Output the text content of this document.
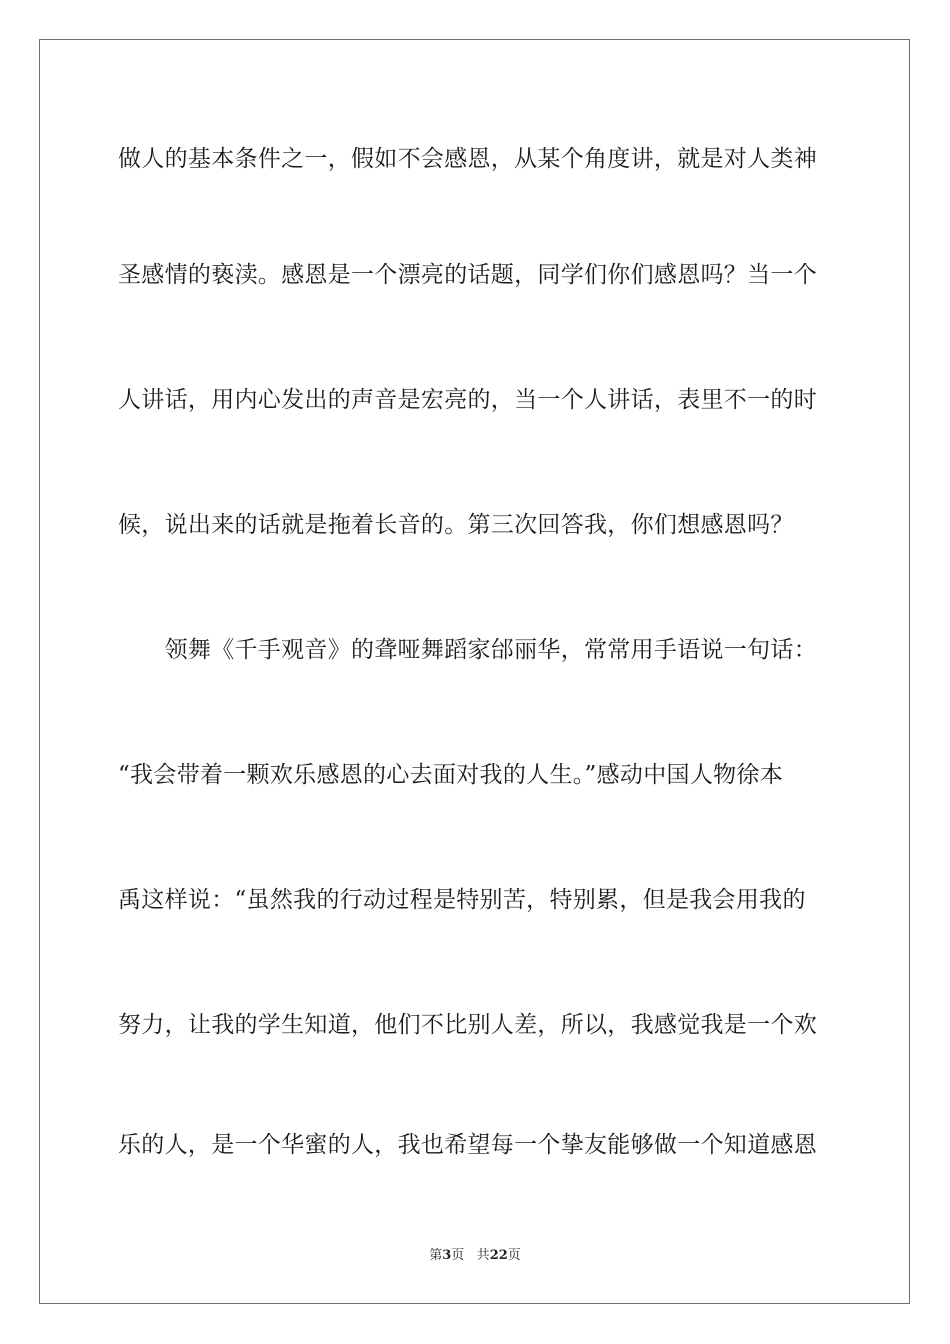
做人的基本条件之一，假如不会感恩，从某个角度讲，就是对人类神
圣感情的亵渎。感恩是一个漂亮的话题，同学们你们感恩吗？当一个
人讲话，用内心发出的声音是宏亮的，当一个人讲话，表里不一的时
候，说出来的话就是拖着长音的。第三次回答我，你们想感恩吗？
　　领舞《千手观音》的聋哑舞蹈家邰丽华，常常用手语说一句话：
“我会带着一颗欢乐感恩的心去面对我的人生。”感动中国人物徐本
禹这样说：“虽然我的行动过程是特别苦，特别累，但是我会用我的
努力，让我的学生知道，他们不比别人差，所以，我感觉我是一个欢
乐的人，是一个华蜜的人，我也希望每一个挚友能够做一个知道感恩
第3页 共22页
